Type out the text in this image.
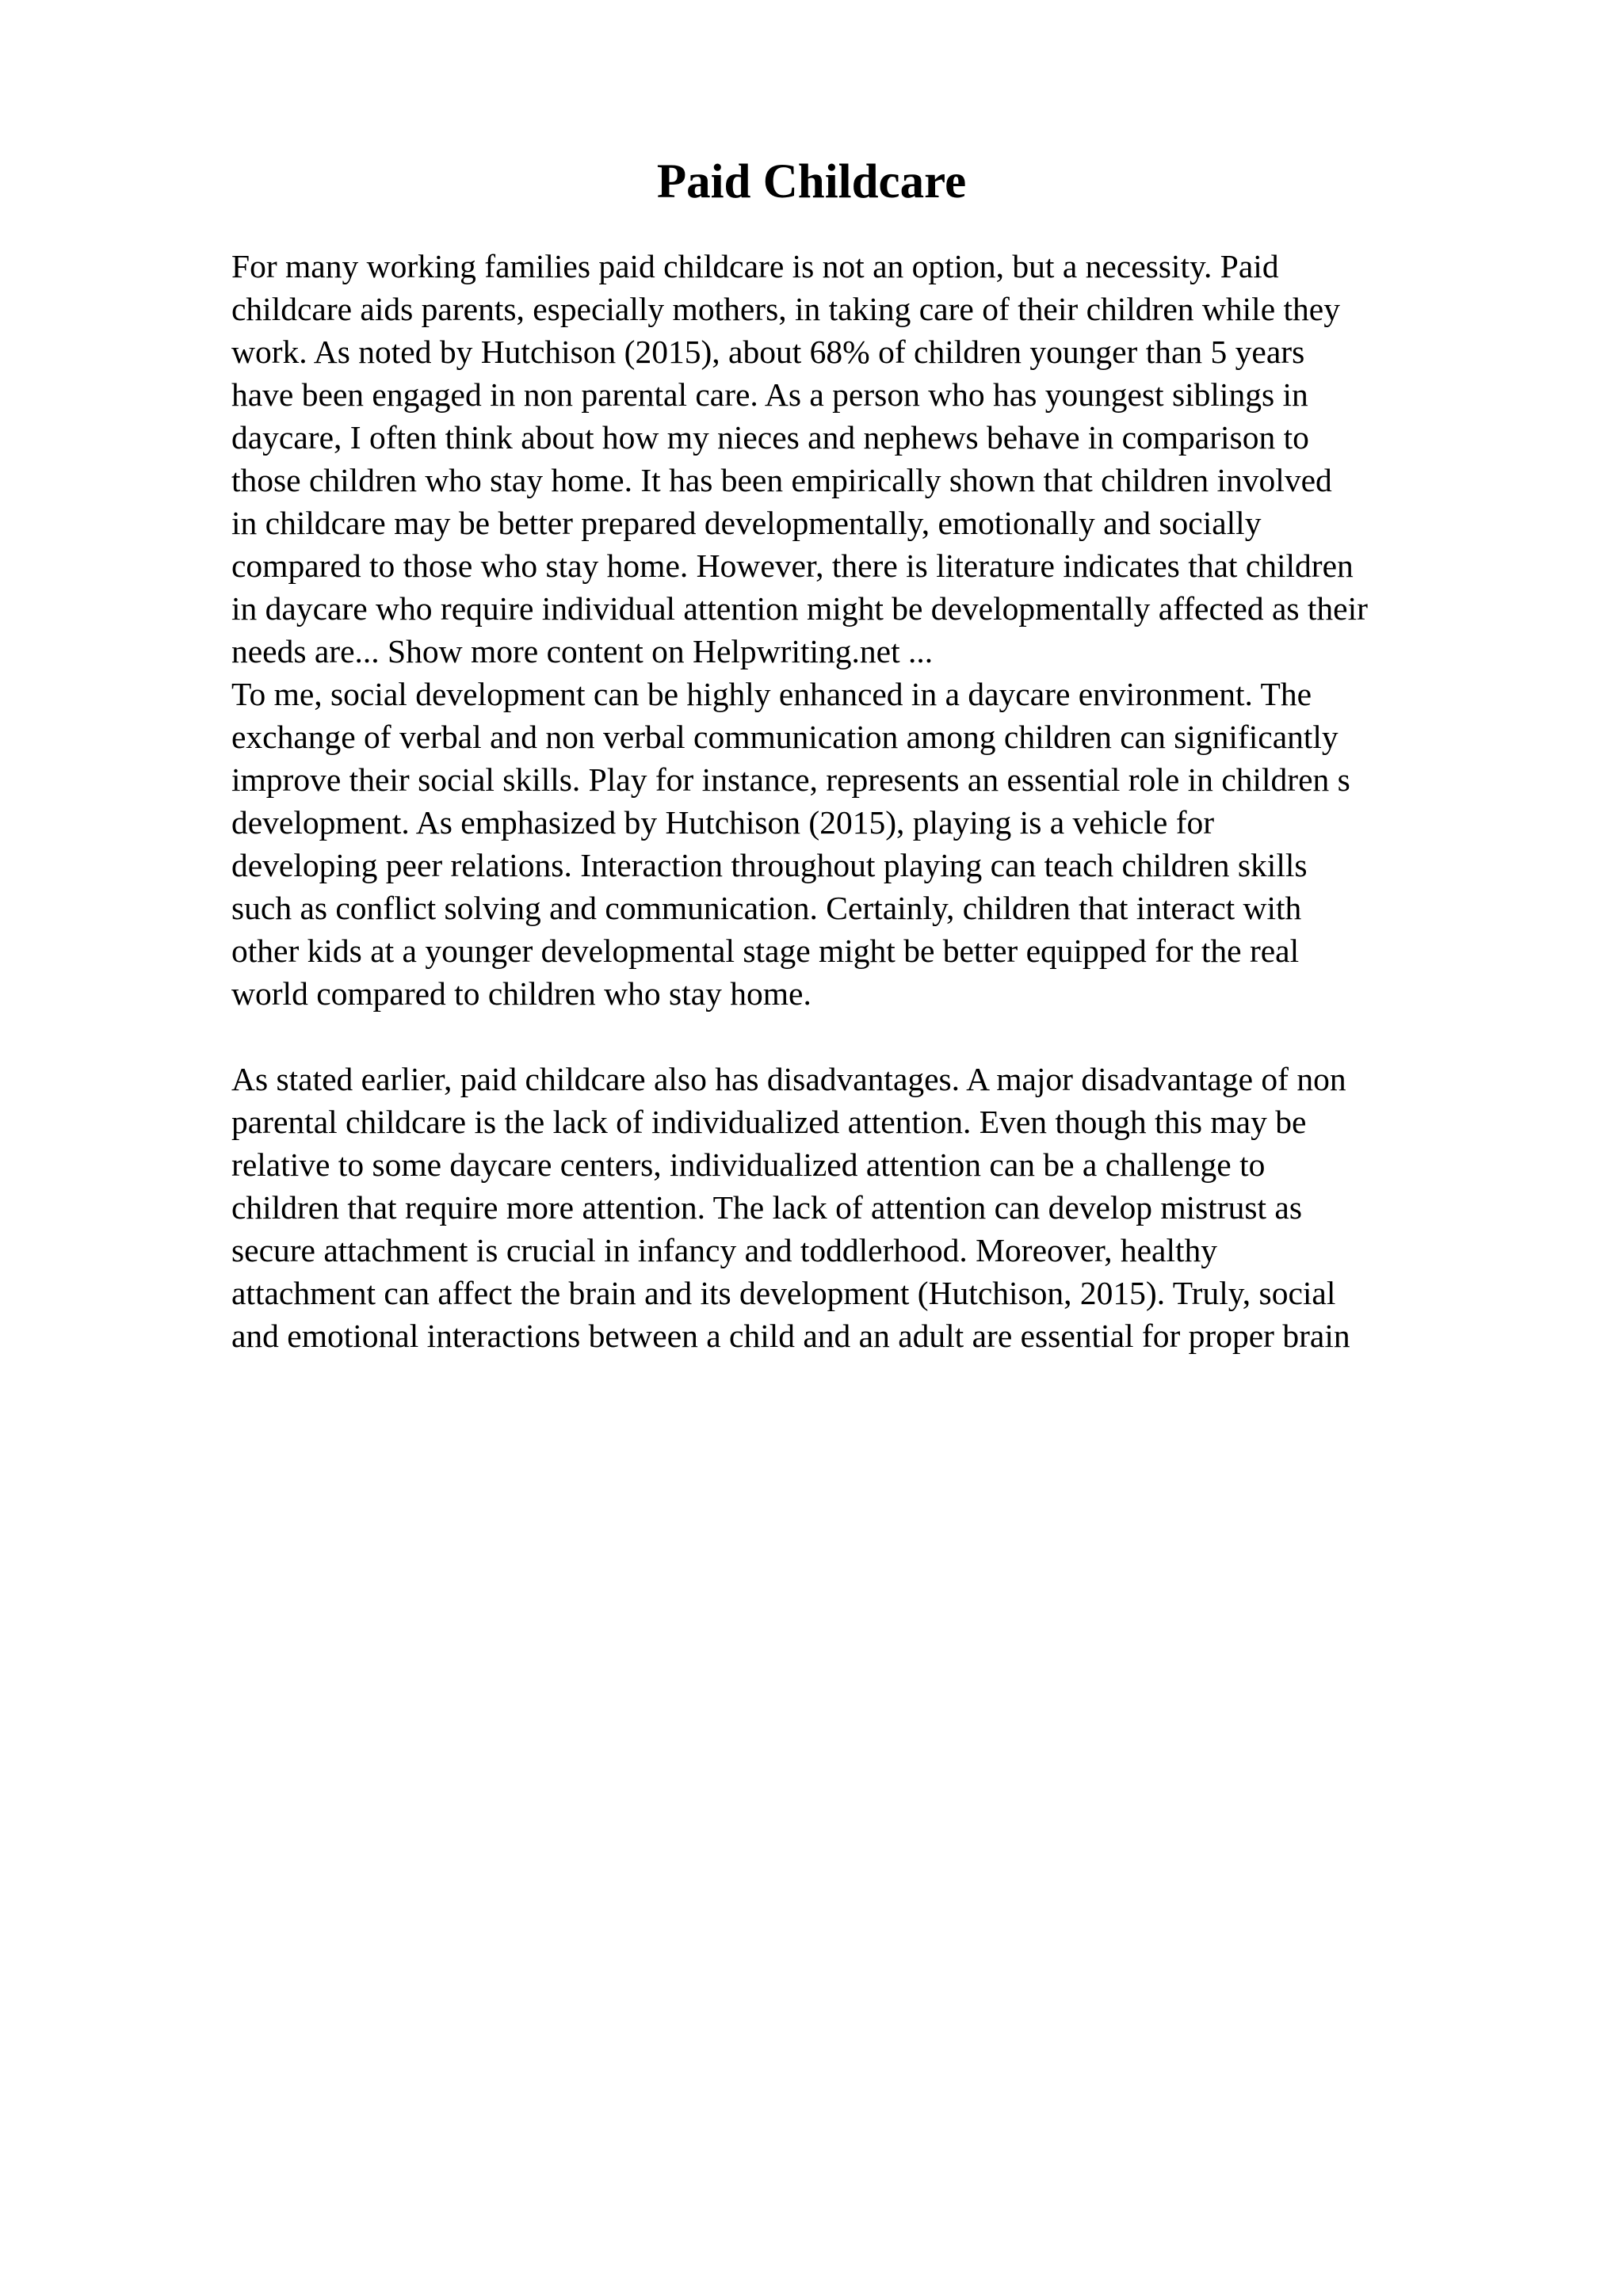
Paid Childcare

For many working families paid childcare is not an option, but a necessity. Paid
childcare aids parents, especially mothers, in taking care of their children while they
work. As noted by Hutchison (2015), about 68% of children younger than 5 years
have been engaged in non parental care. As a person who has youngest siblings in
daycare, I often think about how my nieces and nephews behave in comparison to
those children who stay home. It has been empirically shown that children involved
in childcare may be better prepared developmentally, emotionally and socially
compared to those who stay home. However, there is literature indicates that children
in daycare who require individual attention might be developmentally affected as their
needs are... Show more content on Helpwriting.net ...

To me, social development can be highly enhanced in a daycare environment. The
exchange of verbal and non verbal communication among children can significantly
improve their social skills. Play for instance, represents an essential role in children s
development. As emphasized by Hutchison (2015), playing is a vehicle for
developing peer relations. Interaction throughout playing can teach children skills
such as conflict solving and communication. Certainly, children that interact with
other kids at a younger developmental stage might be better equipped for the real
world compared to children who stay home.

As stated earlier, paid childcare also has disadvantages. A major disadvantage of non
parental childcare is the lack of individualized attention. Even though this may be
relative to some daycare centers, individualized attention can be a challenge to
children that require more attention. The lack of attention can develop mistrust as
secure attachment is crucial in infancy and toddlerhood. Moreover, healthy
attachment can affect the brain and its development (Hutchison, 2015). Truly, social
and emotional interactions between a child and an adult are essential for proper brain
